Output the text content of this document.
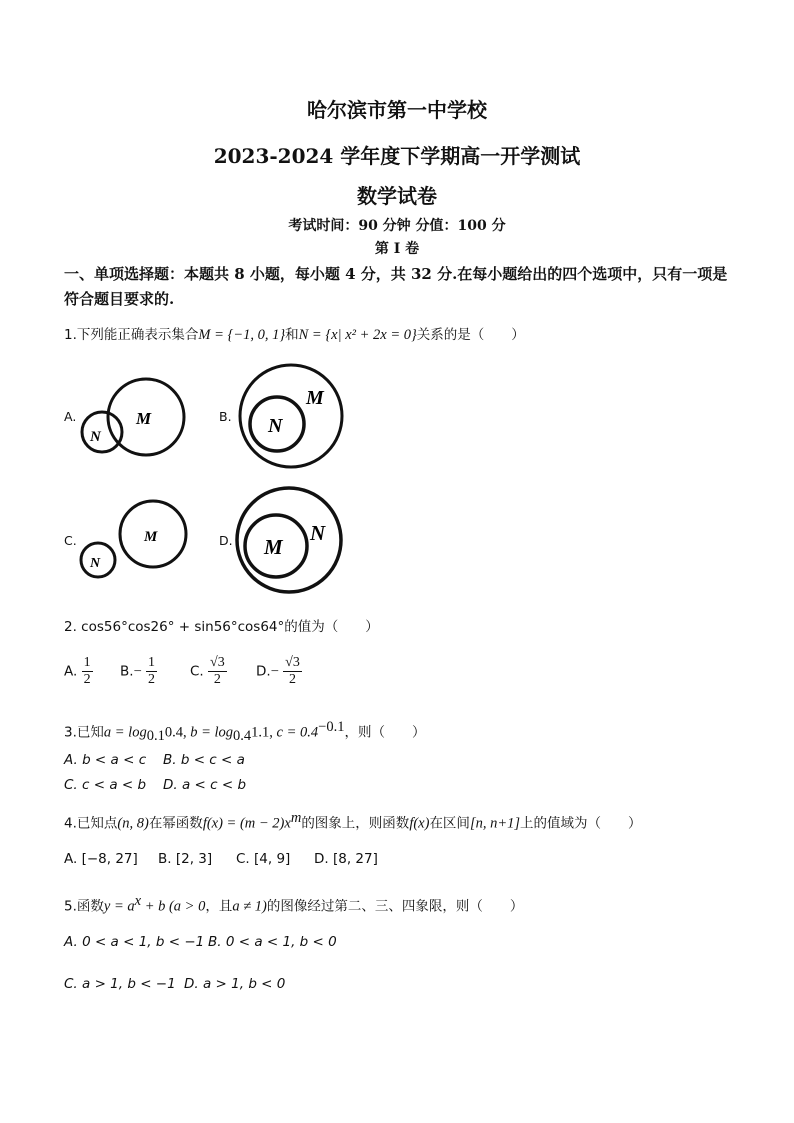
哈尔滨市第一中学校
2023-2024 学年度下学期高一开学测试
数学试卷
考试时间：90 分钟 分值：100 分
第 I 卷
一、单项选择题：本题共 8 小题，每小题 4 分，共 32 分.在每小题给出的四个选项中，只有一项是符合题目要求的.
1.下列能正确表示集合M = {−1, 0, 1}和N = {x| x² + 2x = 0}关系的是（　　）
A.	M
N
B.
M
N
C.	M
N
D. M
N
2. cos56°cos26° + sin56°cos64°的值为（　　）
A. $\frac{1}{2} B.- \frac{1}{2} C$. $\frac{√3}{2} D.- \frac{√3}{2}$
3.已知$a = \log_{0.1}0.4$, $b = \log_{0.4}1.1$, $c = 0.4^{-0.1}$，则（　　）
A. b < a < c B. b < c < a
C. c < a < b D. a < c < b
4.已知点(n, 8)在幂函数$f(x) = (m - 2)x^m$的图象上，则函数f(x)在区间[n, n+1]上的值域为（　　）
A. [−8, 27] B. [2, 3] C. [4, 9] D. [8, 27]
5.函数$y = a^x + b$ (a > 0，且a ≠ 1)的图像经过第二、三、四象限，则（　　）
A. 0 < a < 1, b < −1 B. 0 < a < 1, b < 0
C. a > 1, b < −1 D. a > 1, b < 0
